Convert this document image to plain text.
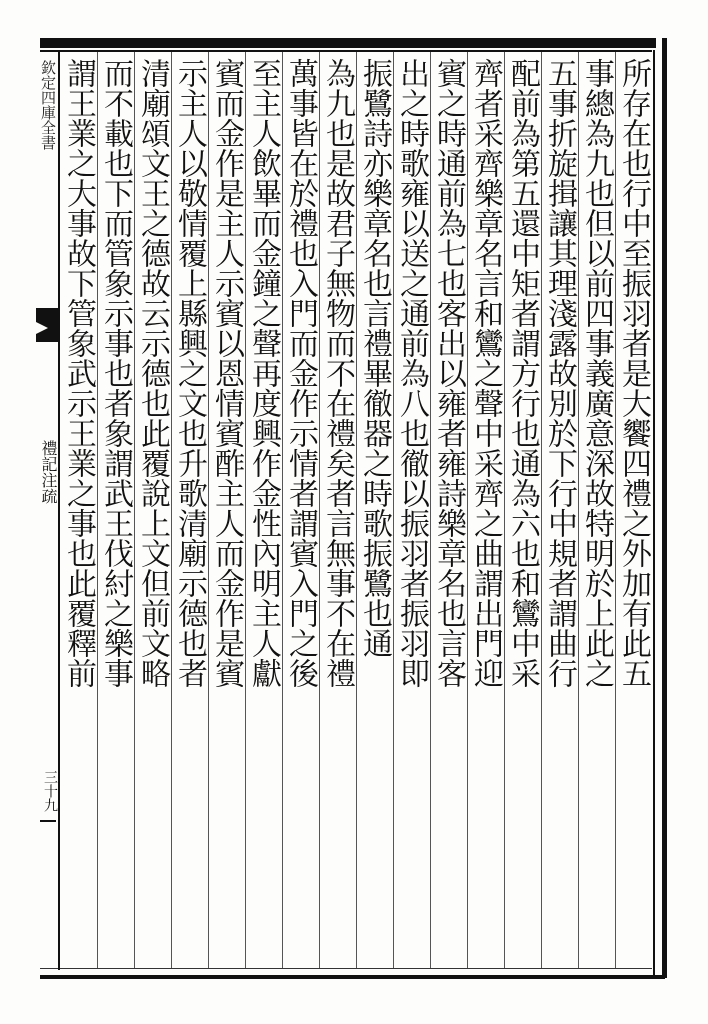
欽定四庫全書
禮記注疏
三十九
所存在也行中至振羽者是大饗四禮之外加有此五
事總為九也但以前四事義廣意深故特明於上此之
五事折旋揖讓其理淺露故別於下行中規者謂曲行
配前為第五還中矩者謂方行也通為六也和鸞中采
齊者采齊樂章名言和鸞之聲中采齊之曲謂出門迎
賓之時通前為七也客出以雍者雍詩樂章名也言客
出之時歌雍以送之通前為八也徹以振羽者振羽即
振鷺詩亦樂章名也言禮畢徹器之時歌振鷺也通
為九也是故君子無物而不在禮矣者言無事不在禮
萬事皆在於禮也入門而金作示情者謂賓入門之後
至主人飲畢而金鐘之聲再度興作金性內明主人獻
賓而金作是主人示賓以恩情賓酢主人而金作是賓
示主人以敬情覆上縣興之文也升歌清廟示德也者
清廟頌文王之德故云示德也此覆說上文但前文略
而不載也下而管象示事也者象謂武王伐紂之樂事
謂王業之大事故下管象武示王業之事也此覆釋前
